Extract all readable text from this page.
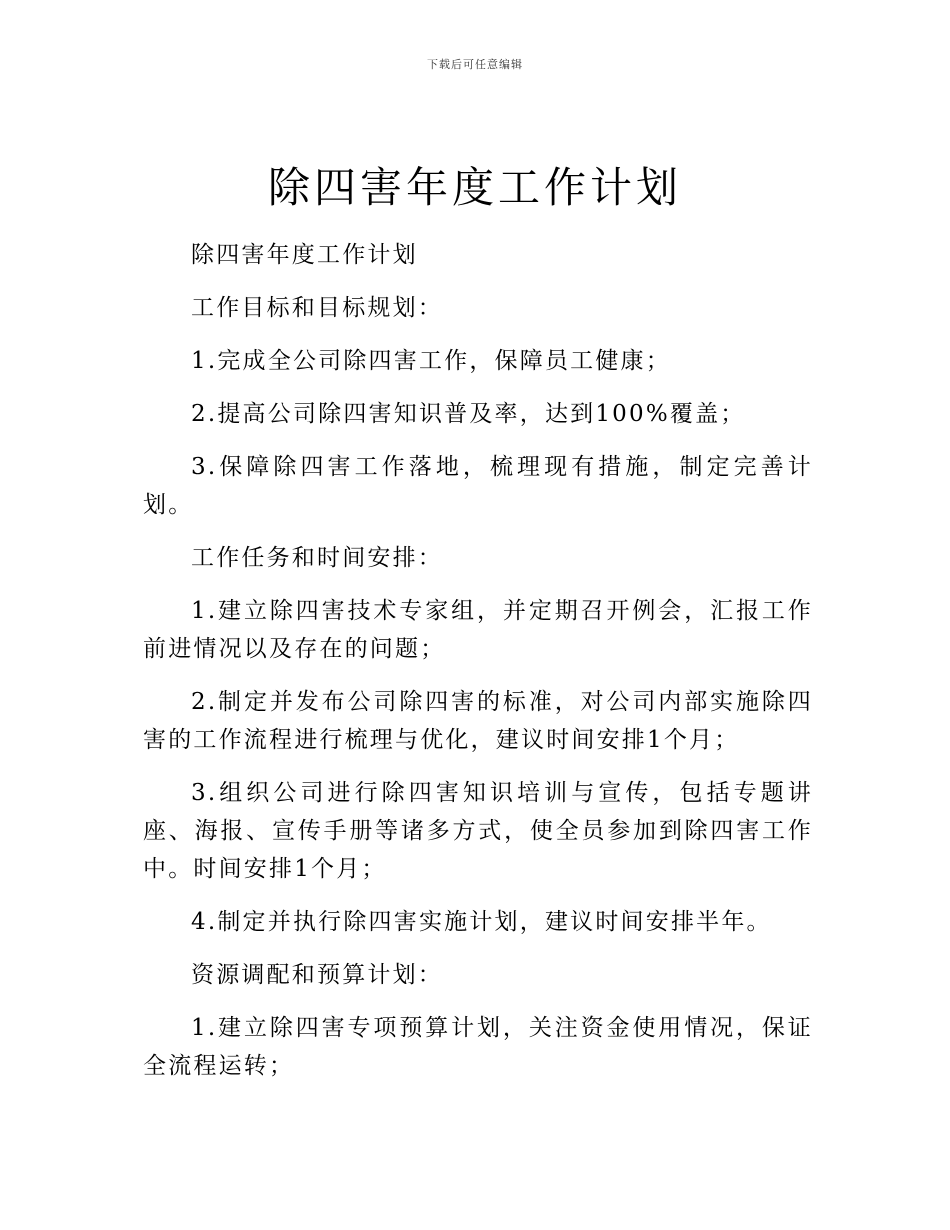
下载后可任意编辑
除四害年度工作计划

除四害年度工作计划

工作目标和目标规划：

1.完成全公司除四害工作，保障员工健康；

2.提高公司除四害知识普及率，达到100%覆盖；

3.保障除四害工作落地，梳理现有措施，制定完善计划。

工作任务和时间安排：

1.建立除四害技术专家组，并定期召开例会，汇报工作前进情况以及存在的问题；

2.制定并发布公司除四害的标准，对公司内部实施除四害的工作流程进行梳理与优化，建议时间安排1个月；

3.组织公司进行除四害知识培训与宣传，包括专题讲座、海报、宣传手册等诸多方式，使全员参加到除四害工作中。时间安排1个月；

4.制定并执行除四害实施计划，建议时间安排半年。

资源调配和预算计划：

1.建立除四害专项预算计划，关注资金使用情况，保证全流程运转；
